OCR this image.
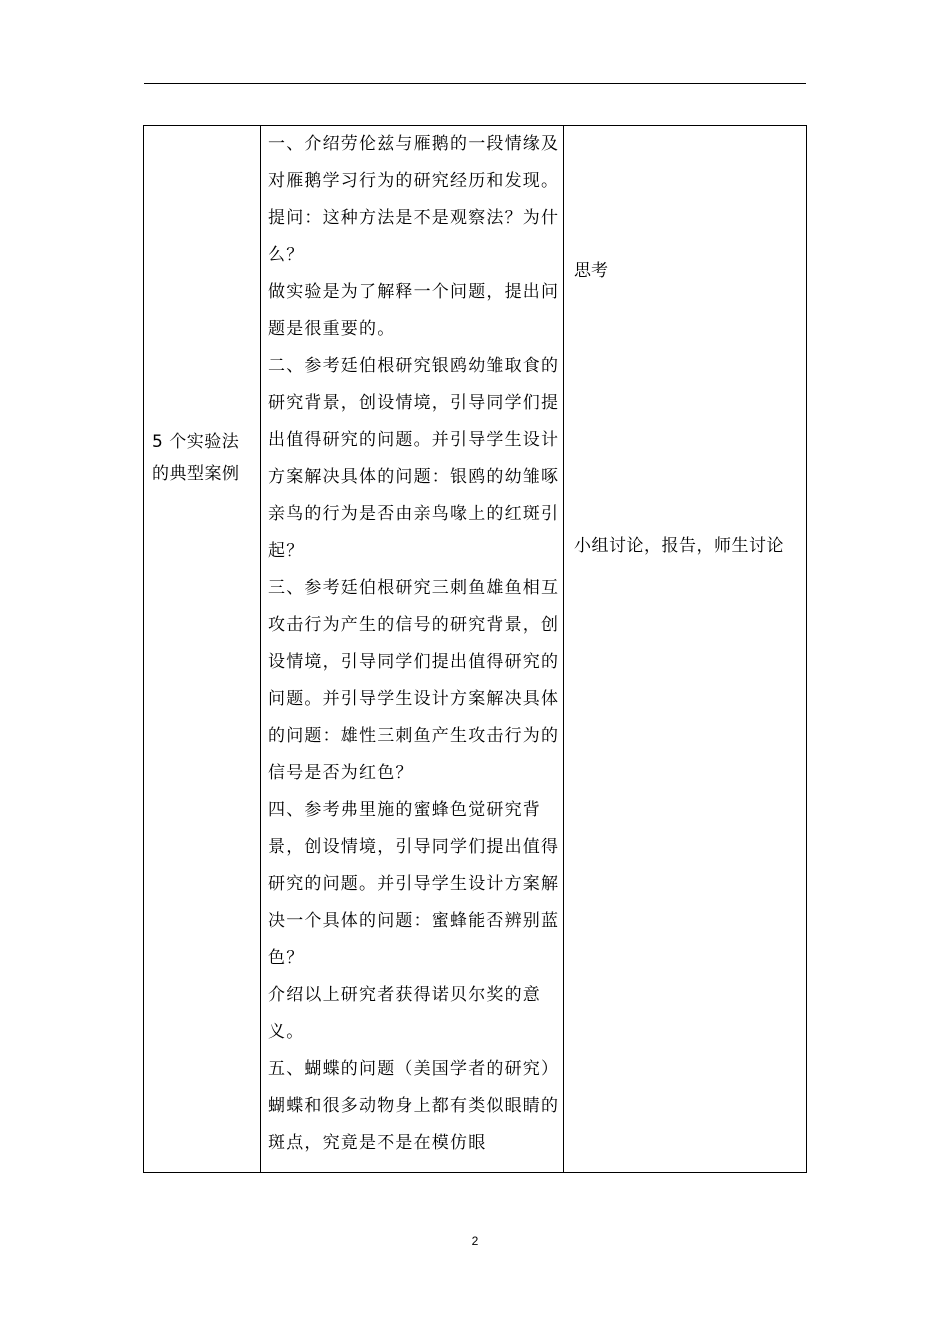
5 个实验法的典型案例

一、介绍劳伦兹与雁鹅的一段情缘及对雁鹅学习行为的研究经历和发现。

提问：这种方法是不是观察法？为什么？

做实验是为了解释一个问题，提出问题是很重要的。

二、参考廷伯根研究银鸥幼雏取食的研究背景，创设情境，引导同学们提出值得研究的问题。并引导学生设计方案解决具体的问题：银鸥的幼雏啄亲鸟的行为是否由亲鸟喙上的红斑引起？

三、参考廷伯根研究三刺鱼雄鱼相互攻击行为产生的信号的研究背景，创设情境，引导同学们提出值得研究的问题。并引导学生设计方案解决具体的问题：雄性三刺鱼产生攻击行为的信号是否为红色？

四、参考弗里施的蜜蜂色觉研究背景，创设情境，引导同学们提出值得研究的问题。并引导学生设计方案解决一个具体的问题：蜜蜂能否辨别蓝色？

介绍以上研究者获得诺贝尔奖的意义。

五、蝴蝶的问题（美国学者的研究）蝴蝶和很多动物身上都有类似眼睛的斑点，究竟是不是在模仿眼

思考
小组讨论，报告，师生讨论
2
